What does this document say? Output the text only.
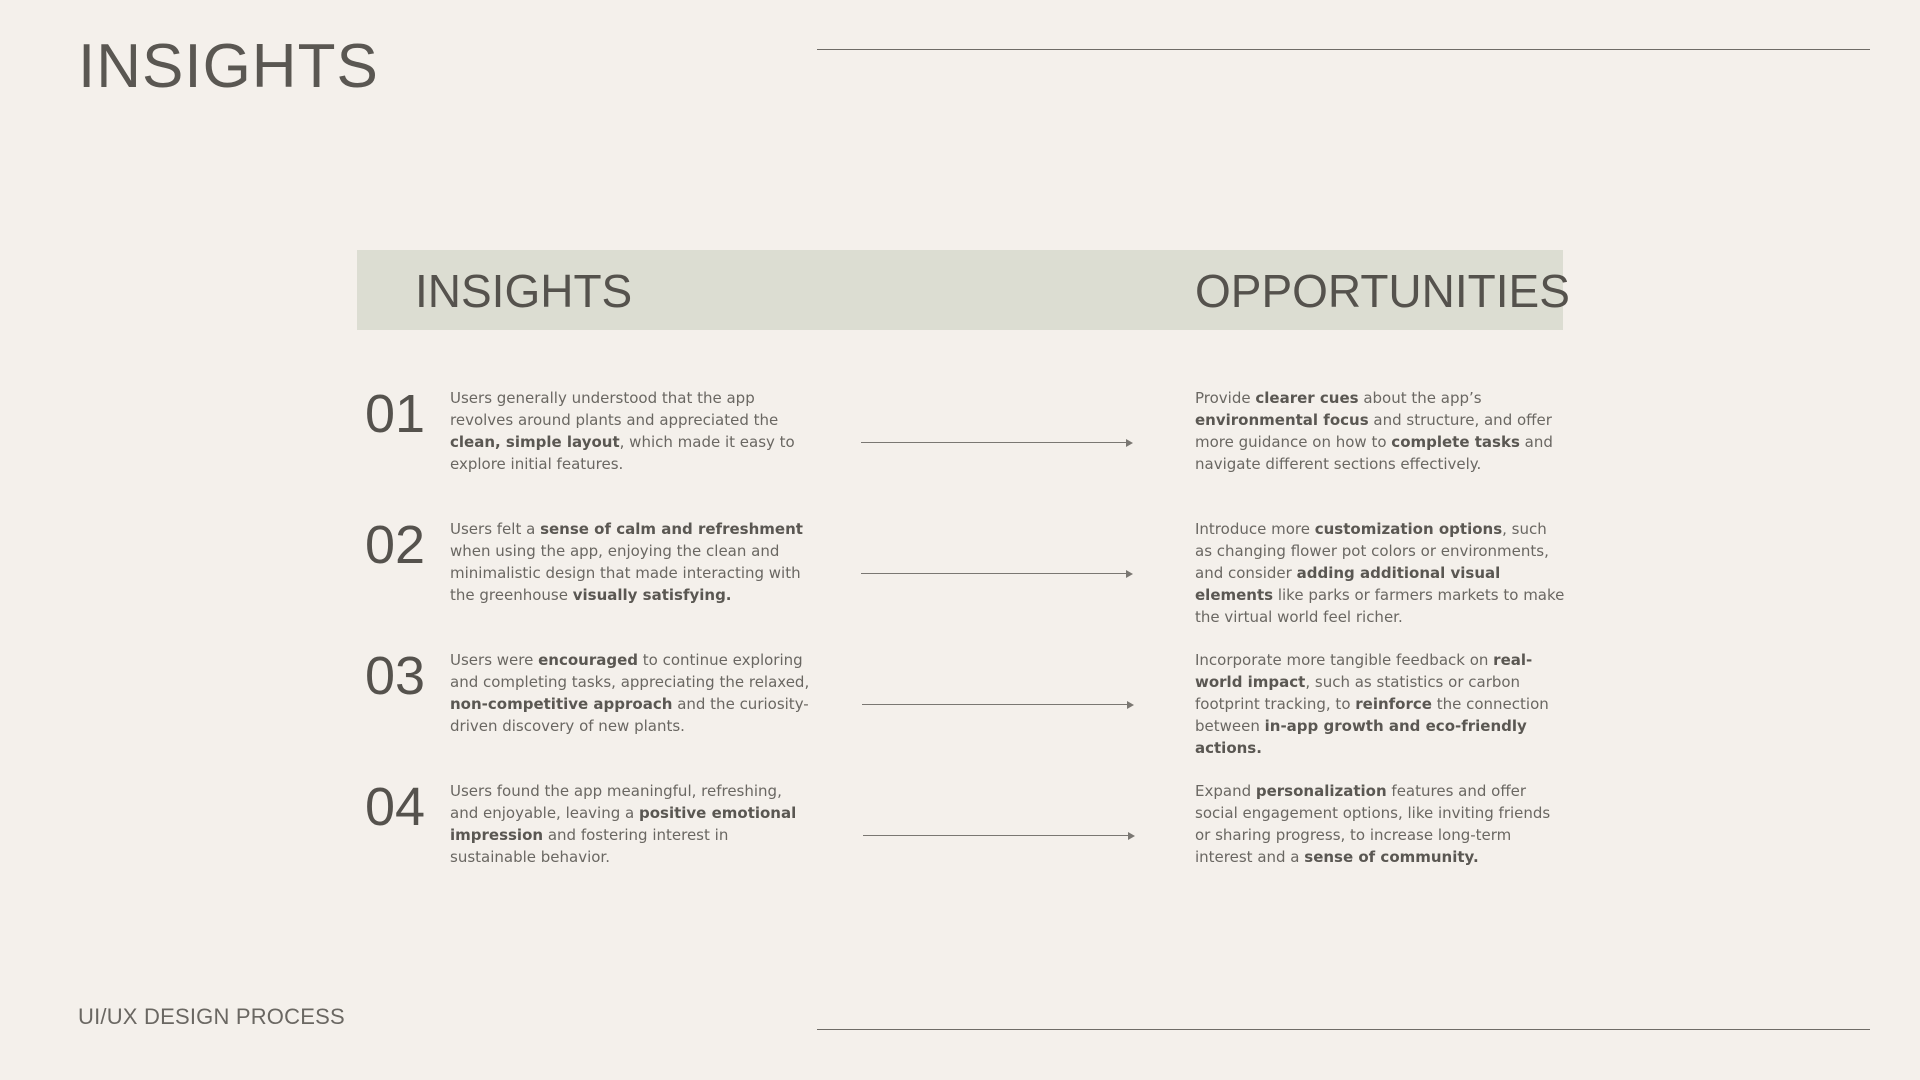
INSIGHTS
INSIGHTS	OPPORTUNITIES
01 Users generally understood that the app revolves around plants and appreciated the clean, simple layout, which made it easy to explore initial features.
Provide clearer cues about the app’s environmental focus and structure, and offer more guidance on how to complete tasks and navigate different sections effectively.
02 Users felt a sense of calm and refreshment when using the app, enjoying the clean and minimalistic design that made interacting with the greenhouse visually satisfying.
Introduce more customization options, such as changing flower pot colors or environments, and consider adding additional visual elements like parks or farmers markets to make the virtual world feel richer.
03 Users were encouraged to continue exploring and completing tasks, appreciating the relaxed, non-competitive approach and the curiosity-driven discovery of new plants.
Incorporate more tangible feedback on real-world impact, such as statistics or carbon footprint tracking, to reinforce the connection between in-app growth and eco-friendly actions.
04 Users found the app meaningful, refreshing, and enjoyable, leaving a positive emotional impression and fostering interest in sustainable behavior.
Expand personalization features and offer social engagement options, like inviting friends or sharing progress, to increase long-term interest and a sense of community.
UI/UX DESIGN PROCESS
